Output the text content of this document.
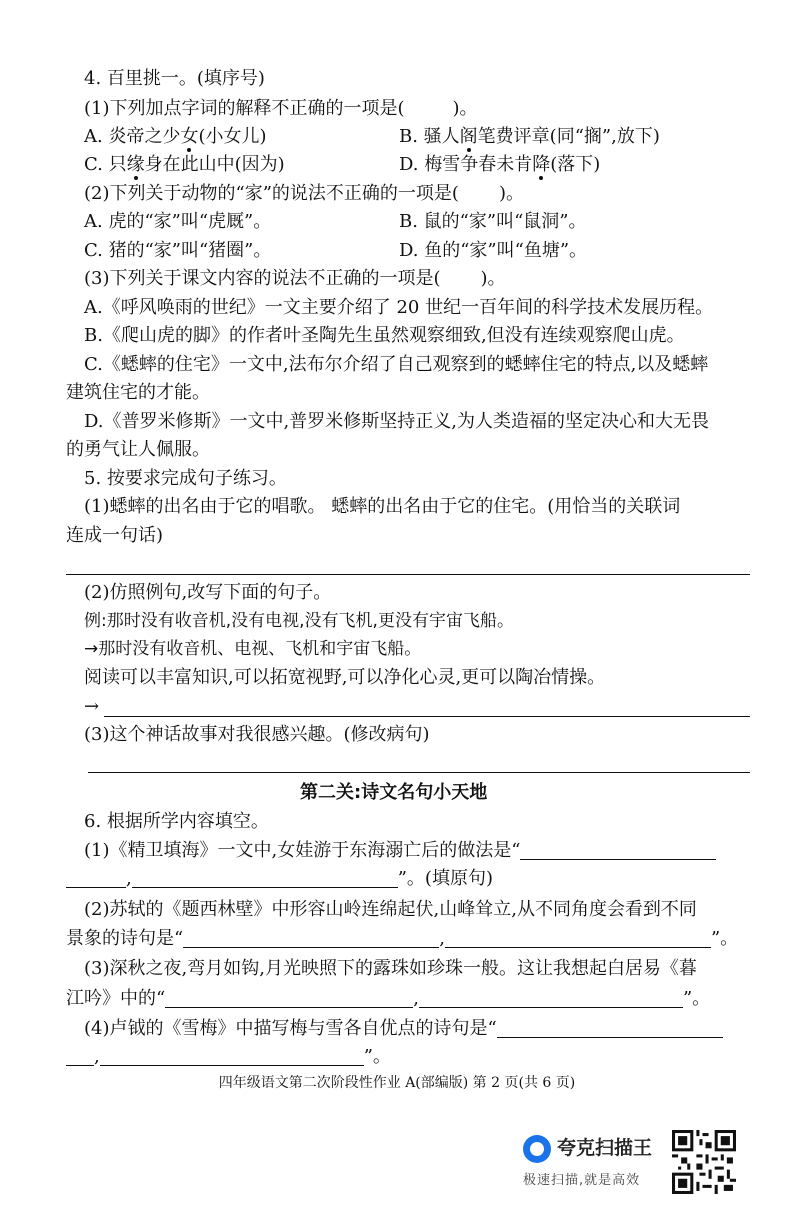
4. 百里挑一。(填序号)
(1)下列加点字词的解释不正确的一项是(	)。
A. 炎帝之少女(小女儿)	B. 骚人阁笔费评章(同“搁”,放下)
C. 只缘身在此山中(因为)	D. 梅雪争春未肯降(落下)
(2)下列关于动物的“家”的说法不正确的一项是( )。
A. 虎的“家”叫“虎厩”。	B. 鼠的“家”叫“鼠洞”。
C. 猪的“家”叫“猪圈”。	D. 鱼的“家”叫“鱼塘”。
(3)下列关于课文内容的说法不正确的一项是( )。
A.《呼风唤雨的世纪》一文主要介绍了 20 世纪一百年间的科学技术发展历程。
B.《爬山虎的脚》的作者叶圣陶先生虽然观察细致,但没有连续观察爬山虎。
C.《蟋蟀的住宅》一文中,法布尔介绍了自己观察到的蟋蟀住宅的特点,以及蟋蟀
建筑住宅的才能。
D.《普罗米修斯》一文中,普罗米修斯坚持正义,为人类造福的坚定决心和大无畏
的勇气让人佩服。
5. 按要求完成句子练习。
(1)蟋蟀的出名由于它的唱歌。 蟋蟀的出名由于它的住宅。(用恰当的关联词
连成一句话)
(2)仿照例句,改写下面的句子。
例:那时没有收音机,没有电视,没有飞机,更没有宇宙飞船。
→那时没有收音机、电视、飞机和宇宙飞船。
阅读可以丰富知识,可以拓宽视野,可以净化心灵,更可以陶冶情操。
→
(3)这个神话故事对我很感兴趣。(修改病句)
第二关:诗文名句小天地
6. 根据所学内容填空。
(1)《精卫填海》一文中,女娃游于东海溺亡后的做法是“
,	”。(填原句)
(2)苏轼的《题西林壁》中形容山岭连绵起伏,山峰耸立,从不同角度会看到不同
景象的诗句是“	,	”。
(3)深秋之夜,弯月如钩,月光映照下的露珠如珍珠一般。这让我想起白居易《暮
江吟》中的“	,	”。
(4)卢钺的《雪梅》中描写梅与雪各自优点的诗句是“
,	”。
四年级语文第二次阶段性作业 A(部编版) 第 2 页(共 6 页)
夸克扫描王
极速扫描,就是高效
